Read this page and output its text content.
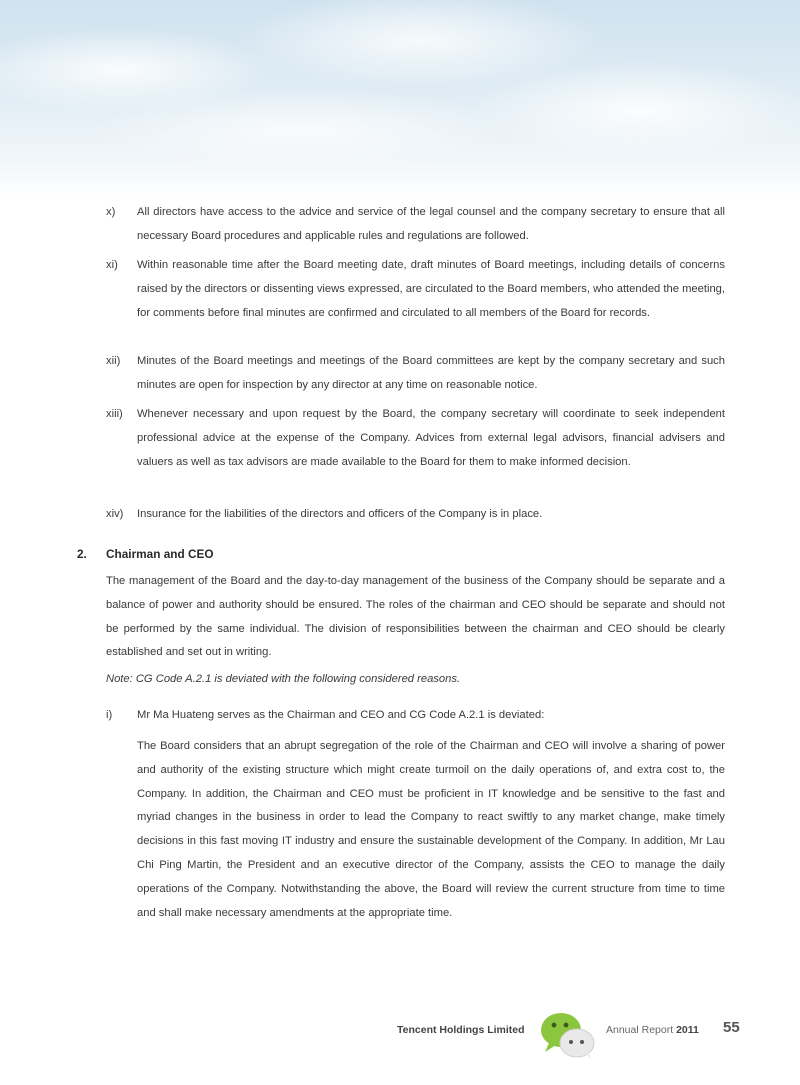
x) All directors have access to the advice and service of the legal counsel and the company secretary to ensure that all necessary Board procedures and applicable rules and regulations are followed.

xi) Within reasonable time after the Board meeting date, draft minutes of Board meetings, including details of concerns raised by the directors or dissenting views expressed, are circulated to the Board members, who attended the meeting, for comments before final minutes are confirmed and circulated to all members of the Board for records.

xii) Minutes of the Board meetings and meetings of the Board committees are kept by the company secretary and such minutes are open for inspection by any director at any time on reasonable notice.

xiii) Whenever necessary and upon request by the Board, the company secretary will coordinate to seek independent professional advice at the expense of the Company. Advices from external legal advisors, financial advisers and valuers as well as tax advisors are made available to the Board for them to make informed decision.

xiv) Insurance for the liabilities of the directors and officers of the Company is in place.

2. Chairman and CEO

The management of the Board and the day-to-day management of the business of the Company should be separate and a balance of power and authority should be ensured. The roles of the chairman and CEO should be separate and should not be performed by the same individual. The division of responsibilities between the chairman and CEO should be clearly established and set out in writing.

Note: CG Code A.2.1 is deviated with the following considered reasons.
i) Mr Ma Huateng serves as the Chairman and CEO and CG Code A.2.1 is deviated:

The Board considers that an abrupt segregation of the role of the Chairman and CEO will involve a sharing of power and authority of the existing structure which might create turmoil on the daily operations of, and extra cost to, the Company. In addition, the Chairman and CEO must be proficient in IT knowledge and be sensitive to the fast and myriad changes in the business in order to lead the Company to react swiftly to any market change, make timely decisions in this fast moving IT industry and ensure the sustainable development of the Company. In addition, Mr Lau Chi Ping Martin, the President and an executive director of the Company, assists the CEO to manage the daily operations of the Company. Notwithstanding the above, the Board will review the current structure from time to time and shall make necessary amendments at the appropriate time.

Tencent Holdings Limited	Annual Report 2011 55
